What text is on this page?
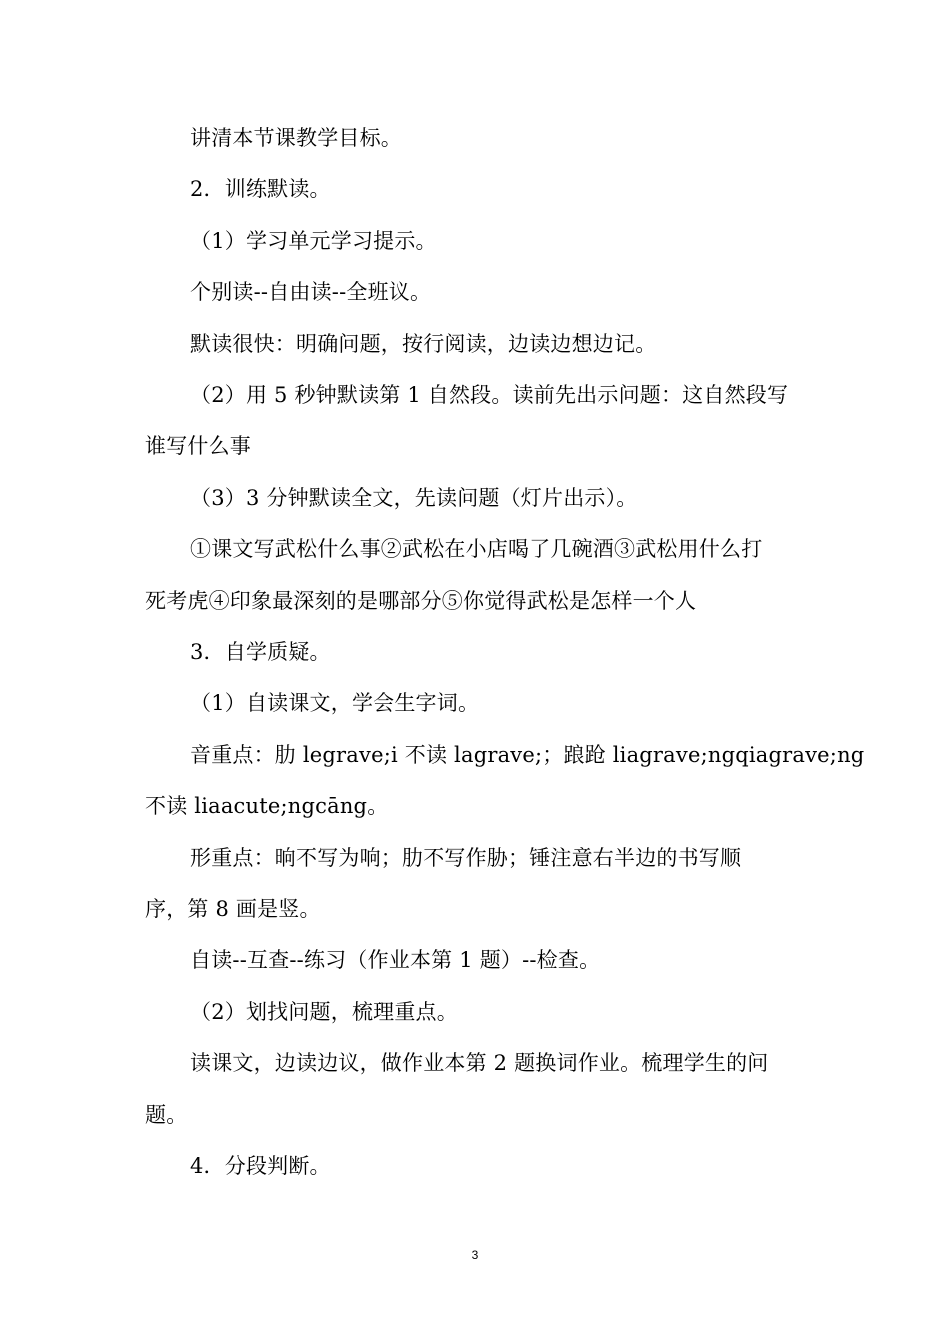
讲清本节课教学目标。
2．训练默读。
（1）学习单元学习提示。
个别读--自由读--全班议。
默读很快：明确问题，按行阅读，边读边想边记。
（2）用 5 秒钟默读第 1 自然段。读前先出示问题：这自然段写
谁写什么事
（3）3 分钟默读全文，先读问题（灯片出示）。
①课文写武松什么事②武松在小店喝了几碗酒③武松用什么打
死考虎④印象最深刻的是哪部分⑤你觉得武松是怎样一个人
3．自学质疑。
（1）自读课文，学会生字词。
音重点：肋 legrave;i 不读 lagrave;；踉跄 liagrave;ngqiagrave;ng
不读 liaacute;ngcāng。
形重点：晌不写为响；肋不写作胁；锤注意右半边的书写顺
序，第 8 画是竖。
自读--互查--练习（作业本第 1 题）--检查。
（2）划找问题，梳理重点。
读课文，边读边议，做作业本第 2 题换词作业。梳理学生的问
题。
4．分段判断。
3
